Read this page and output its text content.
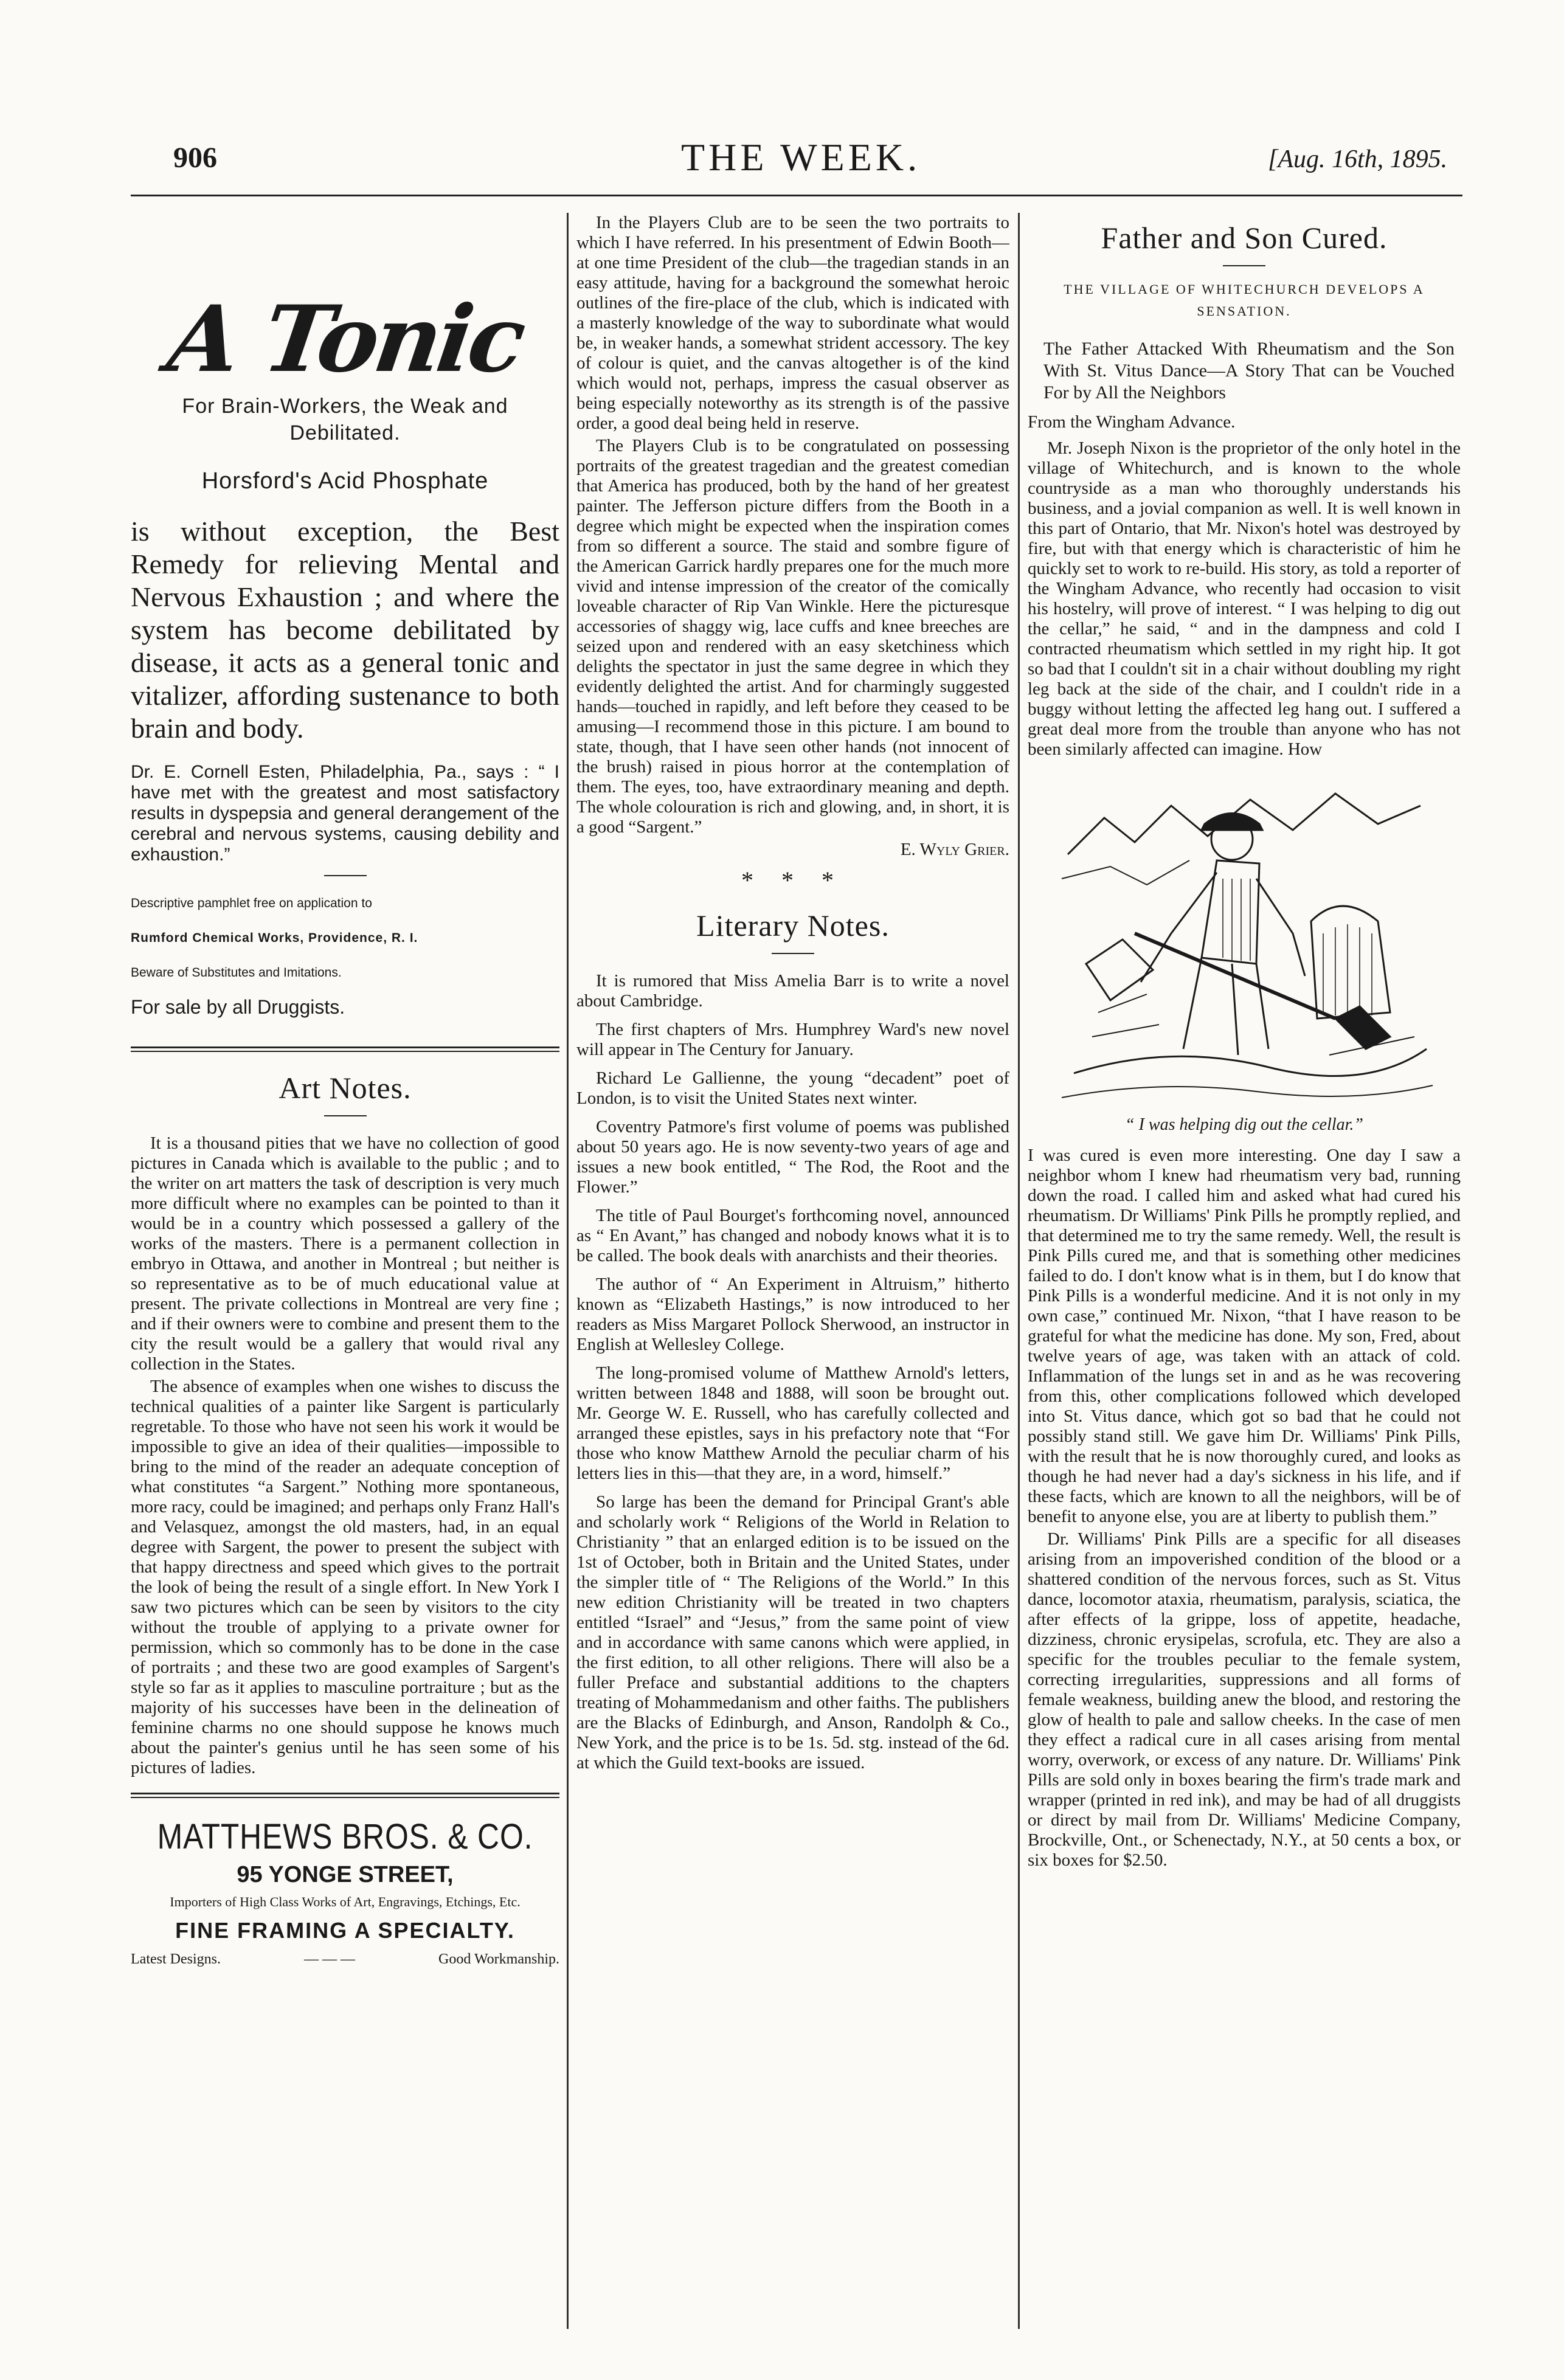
906	THE WEEK.	[Aug. 16th, 1895.
A Tonic

For Brain-Workers, the Weak and Debilitated.

Horsford's Acid Phosphate

is without exception, the Best Remedy for relieving Mental and Nervous Exhaustion ; and where the system has become debilitated by disease, it acts as a general tonic and vitalizer, affording sustenance to both brain and body.

Dr. E. Cornell Esten, Philadelphia, Pa., says : “ I have met with the greatest and most satisfactory results in dyspepsia and general derangement of the cerebral and nervous systems, causing debility and exhaustion.”

Descriptive pamphlet free on application to

Rumford Chemical Works, Providence, R. I.

Beware of Substitutes and Imitations.

For sale by all Druggists.

Art Notes.

It is a thousand pities that we have no collection of good pictures in Canada which is available to the public ; and to the writer on art matters the task of description is very much more difficult where no examples can be pointed to than it would be in a country which possessed a gallery of the works of the masters. There is a permanent collection in embryo in Ottawa, and another in Montreal ; but neither is so representative as to be of much educational value at present. The private collections in Montreal are very fine ; and if their owners were to combine and present them to the city the result would be a gallery that would rival any collection in the States.

The absence of examples when one wishes to discuss the technical qualities of a painter like Sargent is particularly regretable. To those who have not seen his work it would be impossible to give an idea of their qualities—impossible to bring to the mind of the reader an adequate conception of what constitutes “a Sargent.” Nothing more spontaneous, more racy, could be imagined; and perhaps only Franz Hall's and Velasquez, amongst the old masters, had, in an equal degree with Sargent, the power to present the subject with that happy directness and speed which gives to the portrait the look of being the result of a single effort. In New York I saw two pictures which can be seen by visitors to the city without the trouble of applying to a private owner for permission, which so commonly has to be done in the case of portraits ; and these two are good examples of Sargent's style so far as it applies to masculine portraiture ; but as the majority of his successes have been in the delineation of feminine charms no one should suppose he knows much about the painter's genius until he has seen some of his pictures of ladies.

MATTHEWS BROS. & CO.
95 YONGE STREET,
Importers of High Class Works of Art, Engravings, Etchings, Etc.
FINE FRAMING A SPECIALTY.
Latest Designs.	— — —	Good Workmanship.

In the Players Club are to be seen the two portraits to which I have referred. In his presentment of Edwin Booth—at one time President of the club—the tragedian stands in an easy attitude, having for a background the somewhat heroic outlines of the fire-place of the club, which is indicated with a masterly knowledge of the way to subordinate what would be, in weaker hands, a somewhat strident accessory. The key of colour is quiet, and the canvas altogether is of the kind which would not, perhaps, impress the casual observer as being especially noteworthy as its strength is of the passive order, a good deal being held in reserve.

The Players Club is to be congratulated on possessing portraits of the greatest tragedian and the greatest comedian that America has produced, both by the hand of her greatest painter. The Jefferson picture differs from the Booth in a degree which might be expected when the inspiration comes from so different a source. The staid and sombre figure of the American Garrick hardly prepares one for the much more vivid and intense impression of the creator of the comically loveable character of Rip Van Winkle. Here the picturesque accessories of shaggy wig, lace cuffs and knee breeches are seized upon and rendered with an easy sketchiness which delights the spectator in just the same degree in which they evidently delighted the artist. And for charmingly suggested hands—touched in rapidly, and left before they ceased to be amusing—I recommend those in this picture. I am bound to state, though, that I have seen other hands (not innocent of the brush) raised in pious horror at the contemplation of them. The eyes, too, have extraordinary meaning and depth. The whole colouration is rich and glowing, and, in short, it is a good “Sargent.”

E. Wyly Grier.

* * *
Literary Notes.

It is rumored that Miss Amelia Barr is to write a novel about Cambridge.

The first chapters of Mrs. Humphrey Ward's new novel will appear in The Century for January.

Richard Le Gallienne, the young “decadent” poet of London, is to visit the United States next winter.

Coventry Patmore's first volume of poems was published about 50 years ago. He is now seventy-two years of age and issues a new book entitled, “ The Rod, the Root and the Flower.”

The title of Paul Bourget's forthcoming novel, announced as “ En Avant,” has changed and nobody knows what it is to be called. The book deals with anarchists and their theories.

The author of “ An Experiment in Altruism,” hitherto known as “Elizabeth Hastings,” is now introduced to her readers as Miss Margaret Pollock Sherwood, an instructor in English at Wellesley College.

The long-promised volume of Matthew Arnold's letters, written between 1848 and 1888, will soon be brought out. Mr. George W. E. Russell, who has carefully collected and arranged these epistles, says in his prefactory note that “For those who know Matthew Arnold the peculiar charm of his letters lies in this—that they are, in a word, himself.”

So large has been the demand for Principal Grant's able and scholarly work “ Religions of the World in Relation to Christianity ” that an enlarged edition is to be issued on the 1st of October, both in Britain and the United States, under the simpler title of “ The Religions of the World.” In this new edition Christianity will be treated in two chapters entitled “Israel” and “Jesus,” from the same point of view and in accordance with same canons which were applied, in the first edition, to all other religions. There will also be a fuller Preface and substantial additions to the chapters treating of Mohammedanism and other faiths. The publishers are the Blacks of Edinburgh, and Anson, Randolph & Co., New York, and the price is to be 1s. 5d. stg. instead of the 6d. at which the Guild text-books are issued.

Father and Son Cured.
THE VILLAGE OF WHITECHURCH DEVELOPS A SENSATION.

The Father Attacked With Rheumatism and the Son With St. Vitus Dance—A Story That can be Vouched For by All the Neighbors

From the Wingham Advance.

Mr. Joseph Nixon is the proprietor of the only hotel in the village of Whitechurch, and is known to the whole countryside as a man who thoroughly understands his business, and a jovial companion as well. It is well known in this part of Ontario, that Mr. Nixon's hotel was destroyed by fire, but with that energy which is characteristic of him he quickly set to work to re-build. His story, as told a reporter of the Wingham Advance, who recently had occasion to visit his hostelry, will prove of interest. “ I was helping to dig out the cellar,” he said, “ and in the dampness and cold I contracted rheumatism which settled in my right hip. It got so bad that I couldn't sit in a chair without doubling my right leg back at the side of the chair, and I couldn't ride in a buggy without letting the affected leg hang out. I suffered a great deal more from the trouble than anyone who has not been similarly affected can imagine. How

“ I was helping dig out the cellar.”

I was cured is even more interesting. One day I saw a neighbor whom I knew had rheumatism very bad, running down the road. I called him and asked what had cured his rheumatism. Dr Williams' Pink Pills he promptly replied, and that determined me to try the same remedy. Well, the result is Pink Pills cured me, and that is something other medicines failed to do. I don't know what is in them, but I do know that Pink Pills is a wonderful medicine. And it is not only in my own case,” continued Mr. Nixon, “that I have reason to be grateful for what the medicine has done. My son, Fred, about twelve years of age, was taken with an attack of cold. Inflammation of the lungs set in and as he was recovering from this, other complications followed which developed into St. Vitus dance, which got so bad that he could not possibly stand still. We gave him Dr. Williams' Pink Pills, with the result that he is now thoroughly cured, and looks as though he had never had a day's sickness in his life, and if these facts, which are known to all the neighbors, will be of benefit to anyone else, you are at liberty to publish them.”

Dr. Williams' Pink Pills are a specific for all diseases arising from an impoverished condition of the blood or a shattered condition of the nervous forces, such as St. Vitus dance, locomotor ataxia, rheumatism, paralysis, sciatica, the after effects of la grippe, loss of appetite, headache, dizziness, chronic erysipelas, scrofula, etc. They are also a specific for the troubles peculiar to the female system, correcting irregularities, suppressions and all forms of female weakness, building anew the blood, and restoring the glow of health to pale and sallow cheeks. In the case of men they effect a radical cure in all cases arising from mental worry, overwork, or excess of any nature. Dr. Williams' Pink Pills are sold only in boxes bearing the firm's trade mark and wrapper (printed in red ink), and may be had of all druggists or direct by mail from Dr. Williams' Medicine Company, Brockville, Ont., or Schenectady, N.Y., at 50 cents a box, or six boxes for $2.50.
